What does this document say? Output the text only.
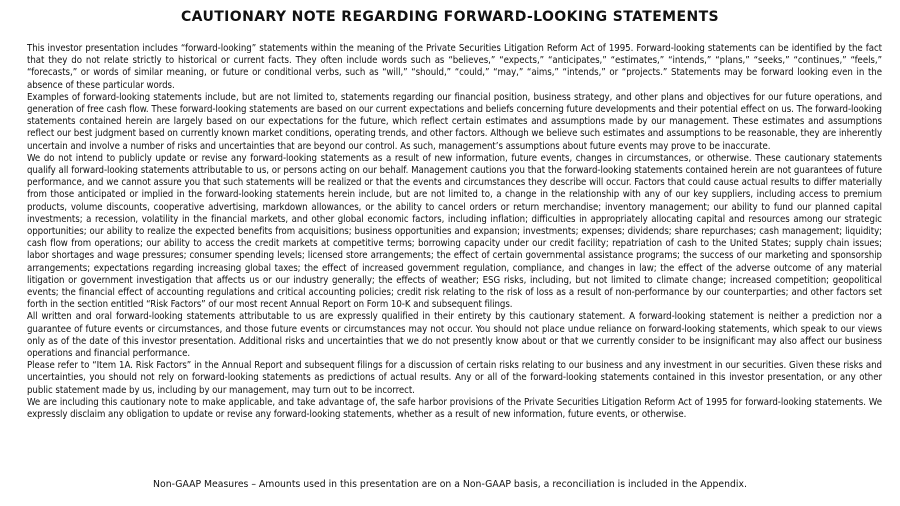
CAUTIONARY NOTE REGARDING FORWARD-LOOKING STATEMENTS

This investor presentation includes “forward-looking” statements within the meaning of the Private Securities Litigation Reform Act of 1995. Forward-looking statements can be identified by the fact that they do not relate strictly to historical or current facts. They often include words such as “believes,” “expects,” “anticipates,” “estimates,” “intends,” “plans,” “seeks,” “continues,” “feels,” “forecasts,” or words of similar meaning, or future or conditional verbs, such as “will,” “should,” “could,” “may,” “aims,” “intends,” or “projects.” Statements may be forward looking even in the absence of these particular words.

Examples of forward-looking statements include, but are not limited to, statements regarding our financial position, business strategy, and other plans and objectives for our future operations, and generation of free cash flow. These forward-looking statements are based on our current expectations and beliefs concerning future developments and their potential effect on us. The forward-looking statements contained herein are largely based on our expectations for the future, which reflect certain estimates and assumptions made by our management. These estimates and assumptions reflect our best judgment based on currently known market conditions, operating trends, and other factors. Although we believe such estimates and assumptions to be reasonable, they are inherently uncertain and involve a number of risks and uncertainties that are beyond our control. As such, management’s assumptions about future events may prove to be inaccurate.

We do not intend to publicly update or revise any forward-looking statements as a result of new information, future events, changes in circumstances, or otherwise. These cautionary statements qualify all forward-looking statements attributable to us, or persons acting on our behalf. Management cautions you that the forward-looking statements contained herein are not guarantees of future performance, and we cannot assure you that such statements will be realized or that the events and circumstances they describe will occur. Factors that could cause actual results to differ materially from those anticipated or implied in the forward-looking statements herein include, but are not limited to, a change in the relationship with any of our key suppliers, including access to premium products, volume discounts, cooperative advertising, markdown allowances, or the ability to cancel orders or return merchandise; inventory management; our ability to fund our planned capital investments; a recession, volatility in the financial markets, and other global economic factors, including inflation; difficulties in appropriately allocating capital and resources among our strategic opportunities; our ability to realize the expected benefits from acquisitions; business opportunities and expansion; investments; expenses; dividends; share repurchases; cash management; liquidity; cash flow from operations; our ability to access the credit markets at competitive terms; borrowing capacity under our credit facility; repatriation of cash to the United States; supply chain issues; labor shortages and wage pressures; consumer spending levels; licensed store arrangements; the effect of certain governmental assistance programs; the success of our marketing and sponsorship arrangements; expectations regarding increasing global taxes; the effect of increased government regulation, compliance, and changes in law; the effect of the adverse outcome of any material litigation or government investigation that affects us or our industry generally; the effects of weather; ESG risks, including, but not limited to climate change; increased competition; geopolitical events; the financial effect of accounting regulations and critical accounting policies; credit risk relating to the risk of loss as a result of non-performance by our counterparties; and other factors set forth in the section entitled “Risk Factors” of our most recent Annual Report on Form 10-K and subsequent filings.

All written and oral forward-looking statements attributable to us are expressly qualified in their entirety by this cautionary statement. A forward-looking statement is neither a prediction nor a guarantee of future events or circumstances, and those future events or circumstances may not occur. You should not place undue reliance on forward-looking statements, which speak to our views only as of the date of this investor presentation. Additional risks and uncertainties that we do not presently know about or that we currently consider to be insignificant may also affect our business operations and financial performance.

Please refer to “Item 1A. Risk Factors” in the Annual Report and subsequent filings for a discussion of certain risks relating to our business and any investment in our securities. Given these risks and uncertainties, you should not rely on forward-looking statements as predictions of actual results. Any or all of the forward-looking statements contained in this investor presentation, or any other public statement made by us, including by our management, may turn out to be incorrect.

We are including this cautionary note to make applicable, and take advantage of, the safe harbor provisions of the Private Securities Litigation Reform Act of 1995 for forward-looking statements. We expressly disclaim any obligation to update or revise any forward-looking statements, whether as a result of new information, future events, or otherwise.

Non-GAAP Measures – Amounts used in this presentation are on a Non-GAAP basis, a reconciliation is included in the Appendix.
